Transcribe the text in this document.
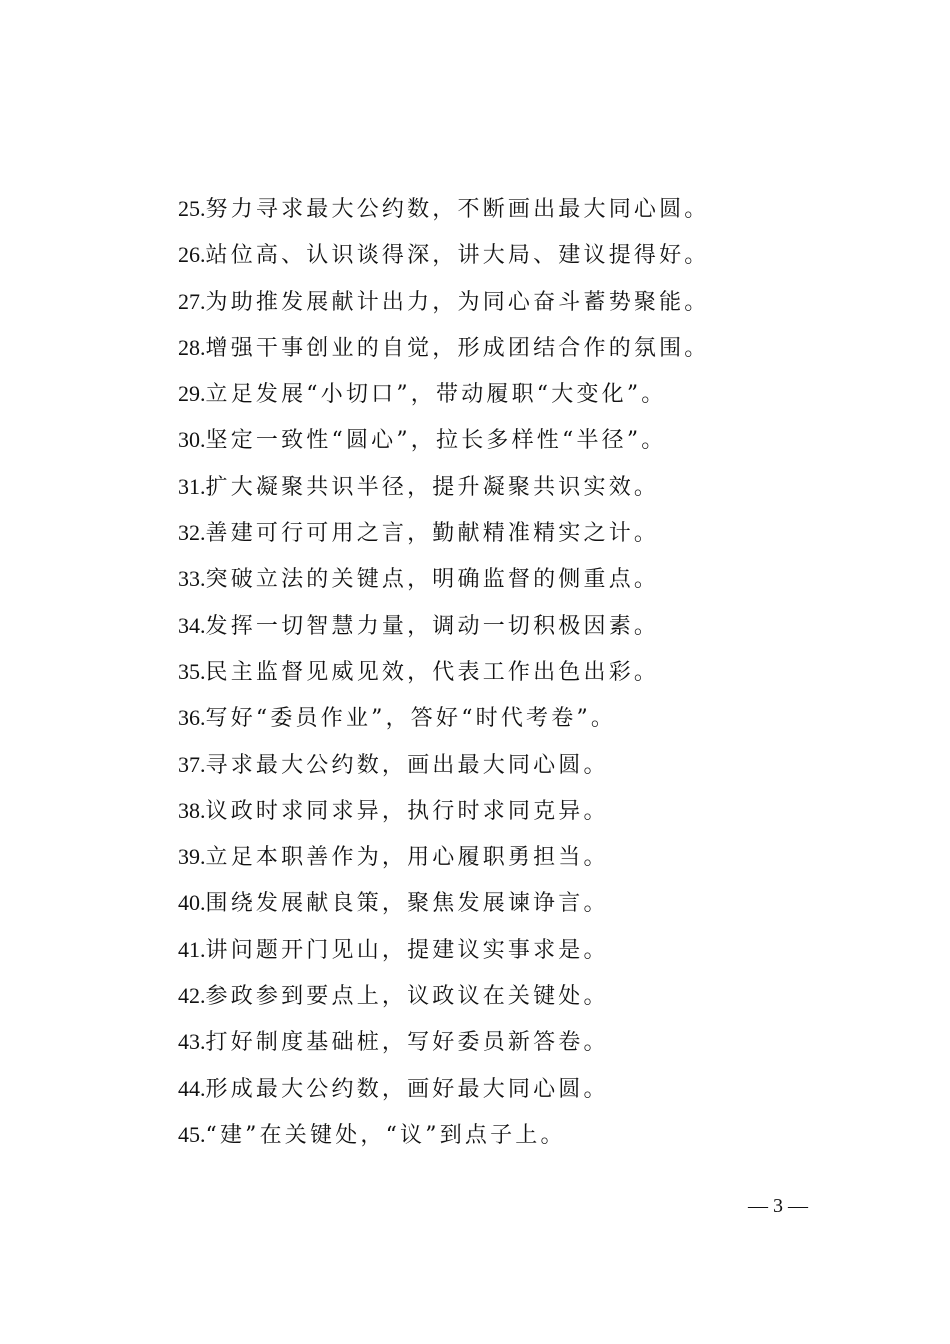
25.努力寻求最大公约数，不断画出最大同心圆。
26.站位高、认识谈得深，讲大局、建议提得好。
27.为助推发展献计出力，为同心奋斗蓄势聚能。
28.增强干事创业的自觉，形成团结合作的氛围。
29.立足发展“小切口”，带动履职“大变化”。
30.坚定一致性“圆心”，拉长多样性“半径”。
31.扩大凝聚共识半径，提升凝聚共识实效。
32.善建可行可用之言，勤献精准精实之计。
33.突破立法的关键点，明确监督的侧重点。
34.发挥一切智慧力量，调动一切积极因素。
35.民主监督见威见效，代表工作出色出彩。
36.写好“委员作业”，答好“时代考卷”。
37.寻求最大公约数，画出最大同心圆。
38.议政时求同求异，执行时求同克异。
39.立足本职善作为，用心履职勇担当。
40.围绕发展献良策，聚焦发展谏诤言。
41.讲问题开门见山，提建议实事求是。
42.参政参到要点上，议政议在关键处。
43.打好制度基础桩，写好委员新答卷。
44.形成最大公约数，画好最大同心圆。
45.“建”在关键处，“议”到点子上。
— 3 —
